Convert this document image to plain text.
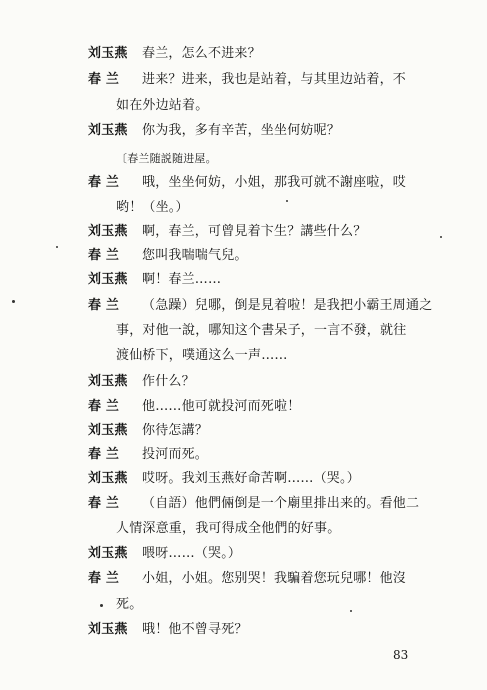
刘玉燕 春兰，怎么不进来？
春 兰 进来？进来，我也是站着，与其里边站着，不
如在外边站着。
刘玉燕 你为我，多有辛苦，坐坐何妨呢？
〔春兰随説随进屋。
春 兰 哦，坐坐何妨，小姐，那我可就不謝座啦，哎
哟！（坐。）
刘玉燕 啊，春兰，可曾見着卞生？講些什么？
春 兰 您叫我喘喘气兒。
刘玉燕 啊！春兰……
春 兰 （急躁）兒哪，倒是見着啦！是我把小霸王周通之
事，对他一說，哪知这个書呆子，一言不發，就往
渡仙桥下，噗通这么一声……
刘玉燕 作什么？
春 兰 他……他可就投河而死啦！
刘玉燕 你待怎講？
春 兰 投河而死。
刘玉燕 哎呀。我刘玉燕好命苦啊……（哭。）
春 兰 （自語）他們倆倒是一个廟里排出来的。看他二
人情深意重，我可得成全他們的好事。
刘玉燕 喂呀……（哭。）
春 兰 小姐，小姐。您别哭！我騙着您玩兒哪！他沒
死。
刘玉燕 哦！他不曾寻死？
83
